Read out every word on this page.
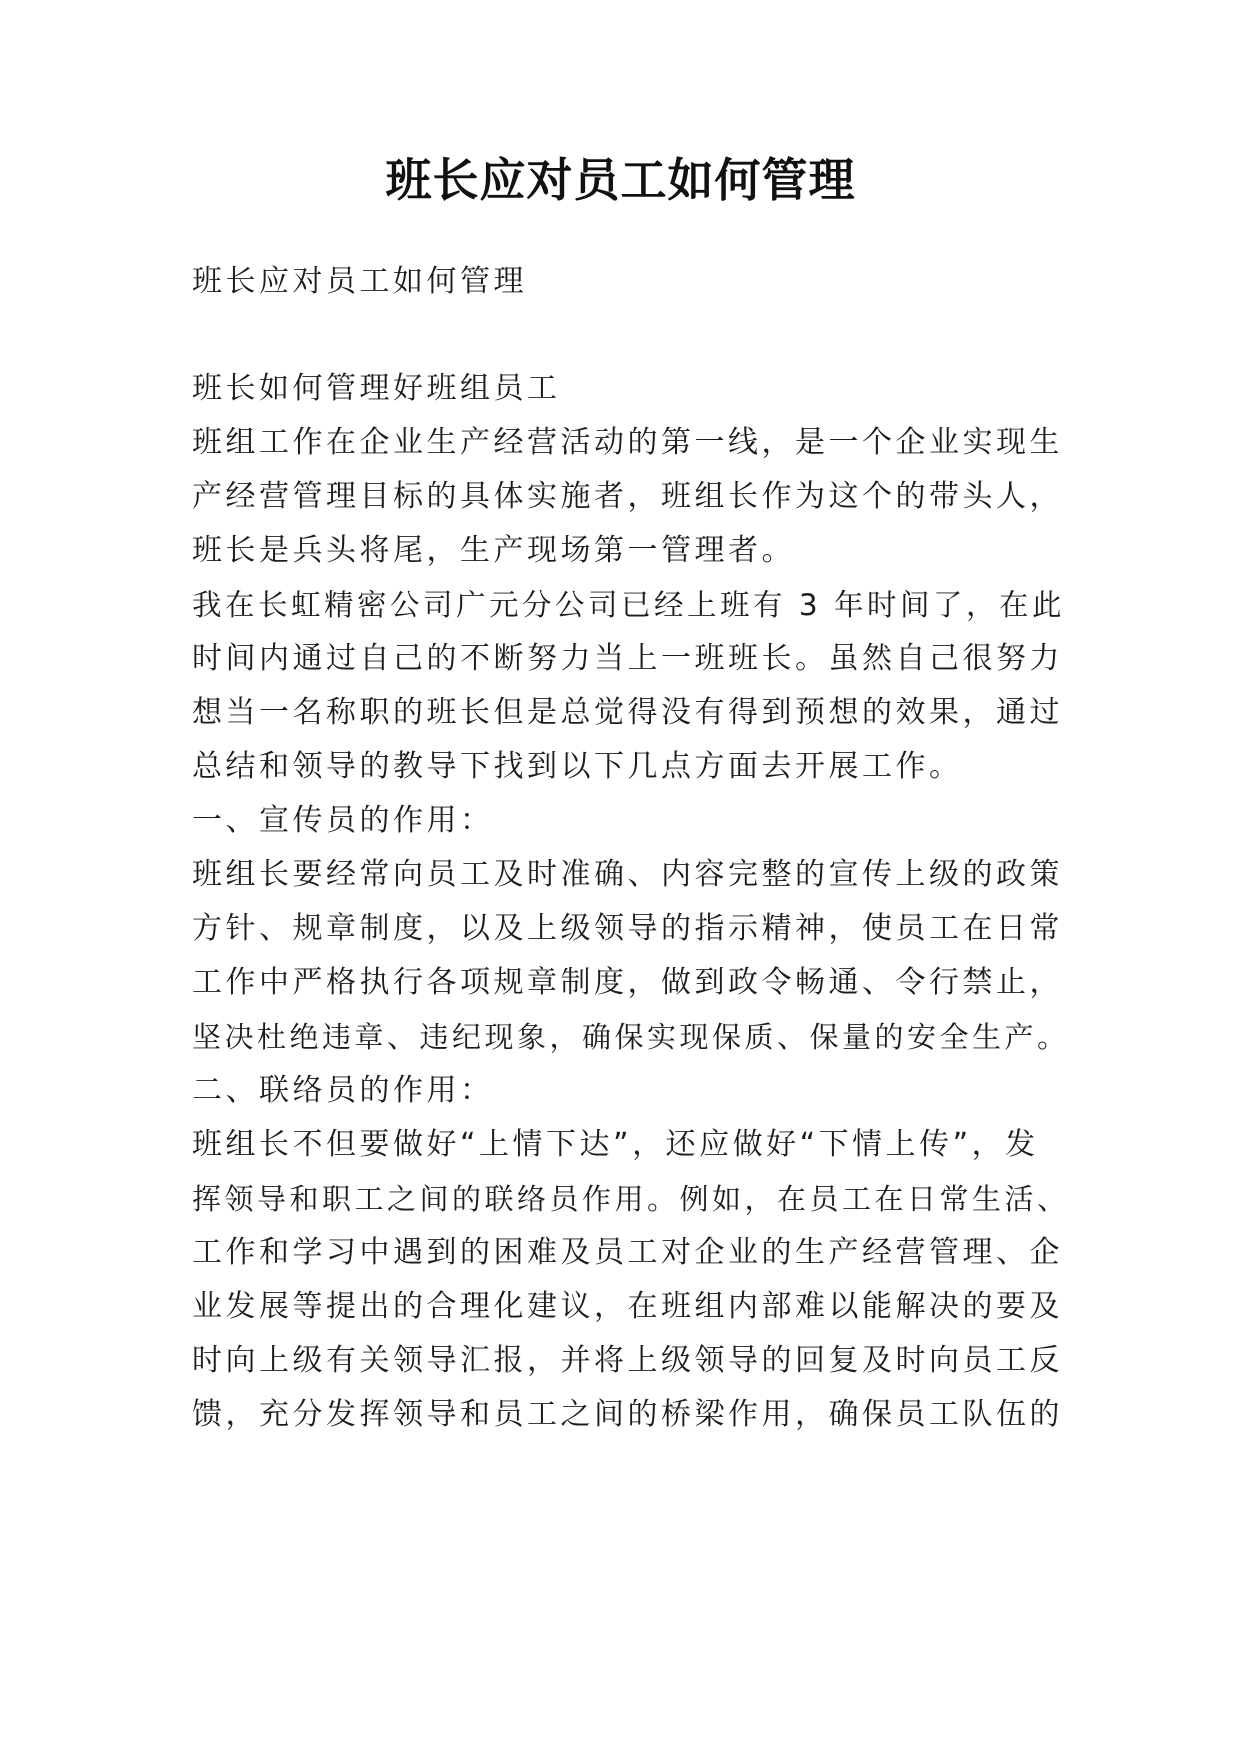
班长应对员工如何管理

班长应对员工如何管理

班长如何管理好班组员工

班组工作在企业生产经营活动的第一线，是一个企业实现生

产经营管理目标的具体实施者，班组长作为这个的带头人，

班长是兵头将尾，生产现场第一管理者。

我在长虹精密公司广元分公司已经上班有 3 年时间了，在此

时间内通过自己的不断努力当上一班班长。虽然自己很努力

想当一名称职的班长但是总觉得没有得到预想的效果，通过

总结和领导的教导下找到以下几点方面去开展工作。

一、宣传员的作用：

班组长要经常向员工及时准确、内容完整的宣传上级的政策

方针、规章制度，以及上级领导的指示精神，使员工在日常

工作中严格执行各项规章制度，做到政令畅通、令行禁止，

坚决杜绝违章、违纪现象，确保实现保质、保量的安全生产。

二、联络员的作用：

班组长不但要做好“上情下达”，还应做好“下情上传”，发

挥领导和职工之间的联络员作用。例如，在员工在日常生活、

工作和学习中遇到的困难及员工对企业的生产经营管理、企

业发展等提出的合理化建议，在班组内部难以能解决的要及

时向上级有关领导汇报，并将上级领导的回复及时向员工反

馈，充分发挥领导和员工之间的桥梁作用，确保员工队伍的
